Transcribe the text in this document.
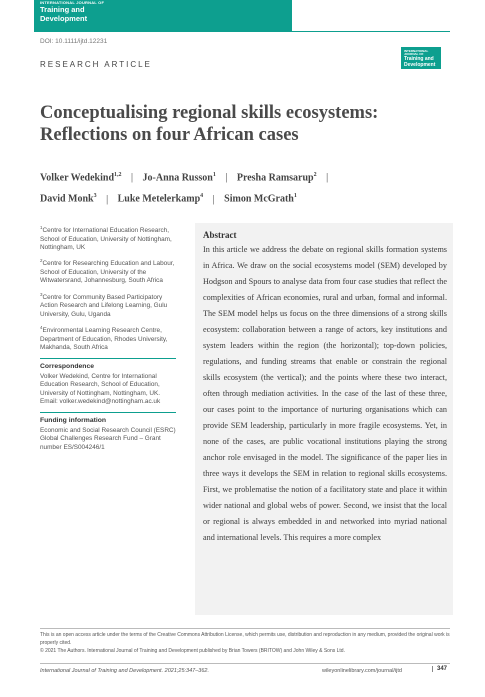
INTERNATIONAL JOURNAL OF
Training and
Development
DOI: 10.1111/ijtd.12231
INTERNATIONAL JOURNAL OF
Training and
Development
RESEARCH ARTICLE
Conceptualising regional skills ecosystems:
Reflections on four African cases
Volker Wedekind$^{1,2}$ | Jo-Anna Russon$^1$ | Presha Ramsarup$^2$ |
David Monk$^3$ | Luke Metelerkamp$^4$ | Simon McGrath$^1$
$^1$Centre for International Education Research, School of Education, University of Nottingham, Nottingham, UK
$^2$Centre for Researching Education and Labour, School of Education, University of the Witwatersrand, Johannesburg, South Africa
$^3$Centre for Community Based Participatory Action Research and Lifelong Learning, Gulu University, Gulu, Uganda
$^4$Environmental Learning Research Centre, Department of Education, Rhodes University, Makhanda, South Africa
Correspondence
Volker Wedekind, Centre for International Education Research, School of Education, University of Nottingham, Nottingham, UK. Email: volker.wedekind@nottingham.ac.uk
Funding information
Economic and Social Research Council (ESRC) Global Challenges Research Fund – Grant number ES/S004246/1
Abstract
In this article we address the debate on regional skills formation systems in Africa. We draw on the social ecosystems model (SEM) developed by Hodgson and Spours to analyse data from four case studies that reflect the complexities of African economies, rural and urban, formal and informal. The SEM model helps us focus on the three dimensions of a strong skills ecosystem: collaboration between a range of actors, key institutions and system leaders within the region (the horizontal); top-down policies, regulations, and funding streams that enable or constrain the regional skills ecosystem (the vertical); and the points where these two interact, often through mediation activities. In the case of the last of these three, our cases point to the importance of nurturing organisations which can provide SEM leadership, particularly in more fragile ecosystems. Yet, in none of the cases, are public vocational institutions playing the strong anchor role envisaged in the model. The significance of the paper lies in three ways it develops the SEM in relation to regional skills ecosystems. First, we problematise the notion of a facilitatory state and place it within wider national and global webs of power. Second, we insist that the local or regional is always embedded in and networked into myriad national and international levels. This requires a more complex
This is an open access article under the terms of the Creative Commons Attribution License, which permits use, distribution and reproduction in any medium, provided the original work is properly cited.
© 2021 The Authors. International Journal of Training and Development published by Brian Towers (BRITOW) and John Wiley & Sons Ltd.
International Journal of Training and Development. 2021;25:347–362.	wileyonlinelibrary.com/journal/ijtd	347
